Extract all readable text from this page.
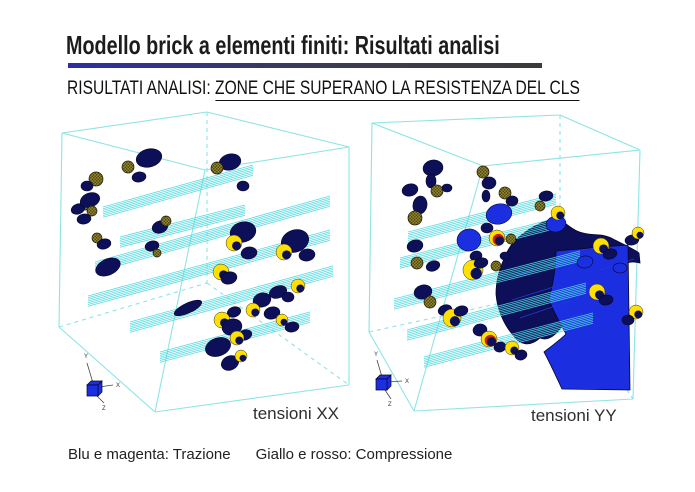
Y
X
Z
Y
X
Z
Modello brick a elementi finiti: Risultati analisi
RISULTATI ANALISI: ZONE CHE SUPERANO LA RESISTENZA DEL CLS
tensioni XX	tensioni YY
Blu e magenta: Trazione Giallo e rosso: Compressione
